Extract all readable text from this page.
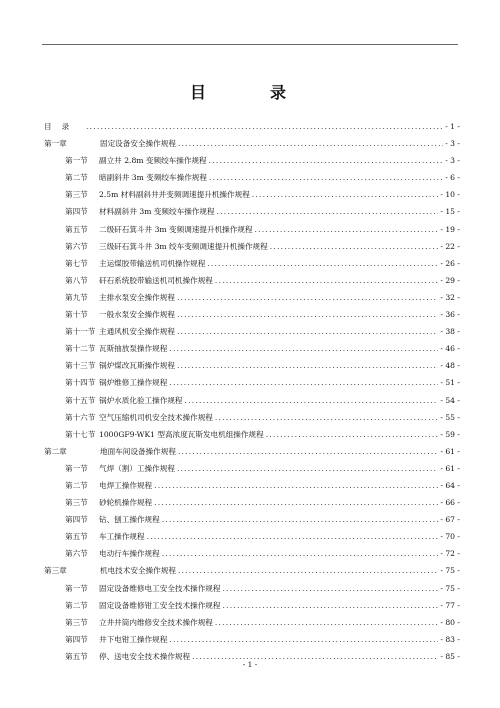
目　录
目录 .....	- 1 -
第一章	固定设备安全操作规程 .....	- 3 -
第一节	副立井 2.8m 变频绞车操作规程 .....	- 3 -
第二节	暗副斜井 3m 变频绞车操作规程 .....	- 6 -
第三节	2.5m 材料副斜井并变频调速提升机操作规程 .....	- 10 -
第四节	材料副斜井 3m 变频绞车操作规程 .....	- 15 -
第五节	二级矸石箕斗井 3m 变频调速提升机操作规程 .....	- 19 -
第六节	三级矸石箕斗井 3m 绞车变频调速提升机操作规程 .....	- 22 -
第七节	主运煤胶带输送机司机操作规程 .....	- 26 -
第八节	矸石系统胶带输送机司机操作规程 .....	- 29 -
第九节	主排水泵安全操作规程 .....	- 32 -
第十节	一般水泵安全操作规程 .....	- 36 -
第十一节 主通风机安全操作规程 .....	- 38 -
第十二节 瓦斯抽放泵操作规程 .....	- 46 -
第十三节 锅炉煤改瓦斯操作规程 .....	- 48 -
第十四节 锅炉维修工操作规程 .....	- 51 -
第十五节 锅炉水质化验工操作规程 .....	- 54 -
第十六节 空气压缩机司机安全技术操作规程 .....	- 55 -
第十七节 1000GF9-WK1 型高浓度瓦斯发电机组操作规程 .....	- 59 -
第二章	地面车间设备操作规程 .....	- 61 -
第一节	气焊（割）工操作规程 .....	- 61 -
第二节	电焊工操作规程 .....	- 64 -
第三节	砂轮机操作规程 .....	- 66 -
第四节	钻、刨工操作规程 .....	- 67 -
第五节	车工操作规程 .....	- 70 -
第六节	电动行车操作规程 .....	- 72 -
第三章	机电技术安全操作规程 .....	- 75 -
第一节	固定设备维修电工安全技术操作规程 .....	- 75 -
第二节	固定设备维修钳工安全技术操作规程 .....	- 77 -
第三节	立井井筒内维修安全技术操作规程 .....	- 80 -
第四节	井下电钳工操作规程 .....	- 83 -
第五节	停、送电安全技术操作规程 .....	- 85 -
- 1 -
